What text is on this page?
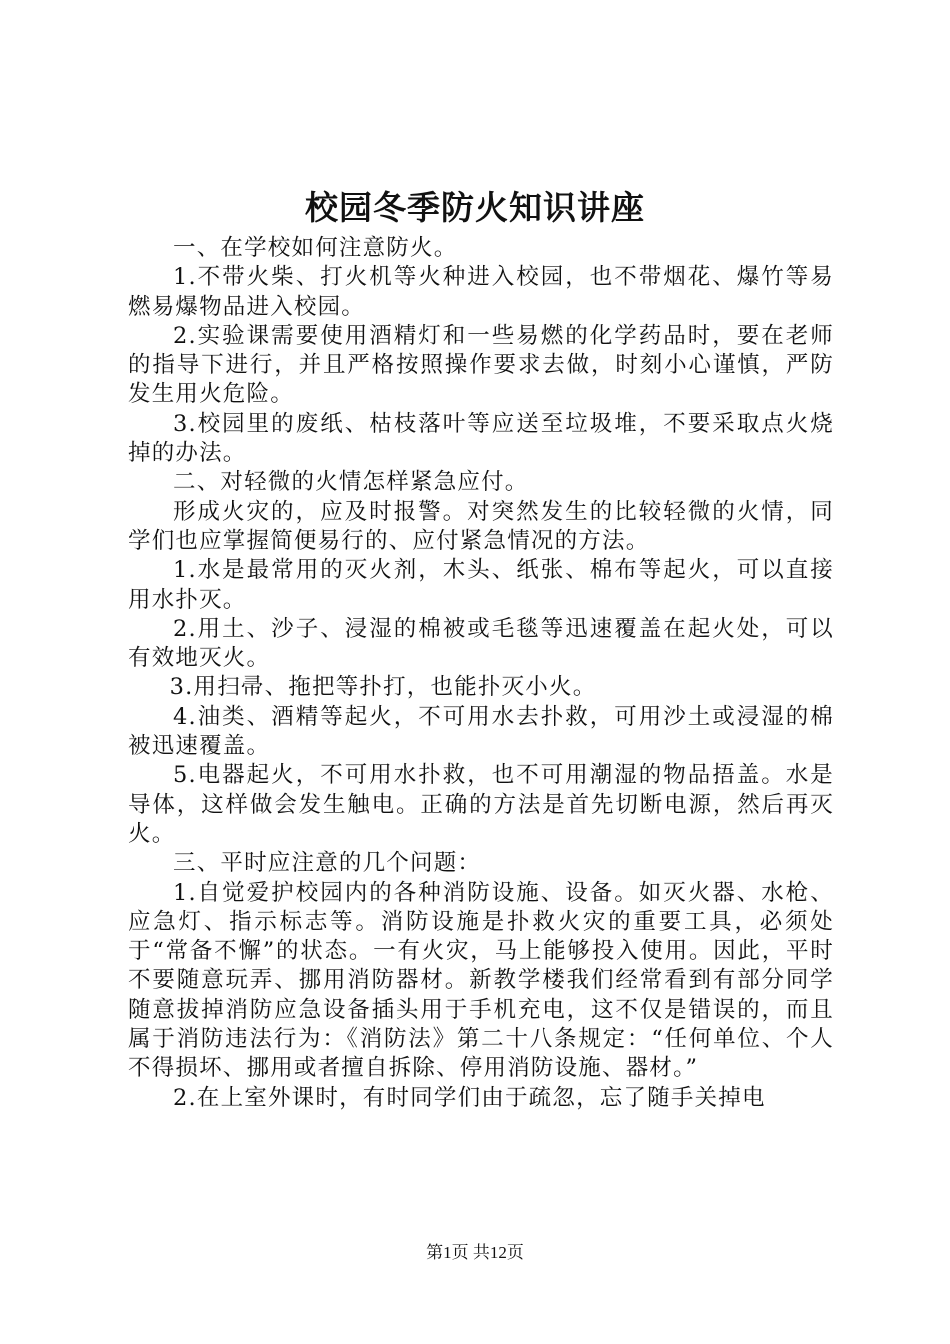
校园冬季防火知识讲座

一、在学校如何注意防火。

1.不带火柴、打火机等火种进入校园，也不带烟花、爆竹等易燃易爆物品进入校园。

2.实验课需要使用酒精灯和一些易燃的化学药品时，要在老师的指导下进行，并且严格按照操作要求去做，时刻小心谨慎，严防发生用火危险。

3.校园里的废纸、枯枝落叶等应送至垃圾堆，不要采取点火烧掉的办法。

二、对轻微的火情怎样紧急应付。

形成火灾的，应及时报警。对突然发生的比较轻微的火情，同学们也应掌握简便易行的、应付紧急情况的方法。

1.水是最常用的灭火剂，木头、纸张、棉布等起火，可以直接用水扑灭。

2.用土、沙子、浸湿的棉被或毛毯等迅速覆盖在起火处，可以有效地灭火。

3.用扫帚、拖把等扑打，也能扑灭小火。

4.油类、酒精等起火，不可用水去扑救，可用沙土或浸湿的棉被迅速覆盖。

5.电器起火，不可用水扑救，也不可用潮湿的物品捂盖。水是导体，这样做会发生触电。正确的方法是首先切断电源，然后再灭火。

三、平时应注意的几个问题：

1.自觉爱护校园内的各种消防设施、设备。如灭火器、水枪、应急灯、指示标志等。消防设施是扑救火灾的重要工具，必须处于“常备不懈”的状态。一有火灾，马上能够投入使用。因此，平时不要随意玩弄、挪用消防器材。新教学楼我们经常看到有部分同学随意拔掉消防应急设备插头用于手机充电，这不仅是错误的，而且属于消防违法行为：《消防法》第二十八条规定：“任何单位、个人不得损坏、挪用或者擅自拆除、停用消防设施、器材。”

2.在上室外课时，有时同学们由于疏忽，忘了随手关掉电

第1页 共12页
